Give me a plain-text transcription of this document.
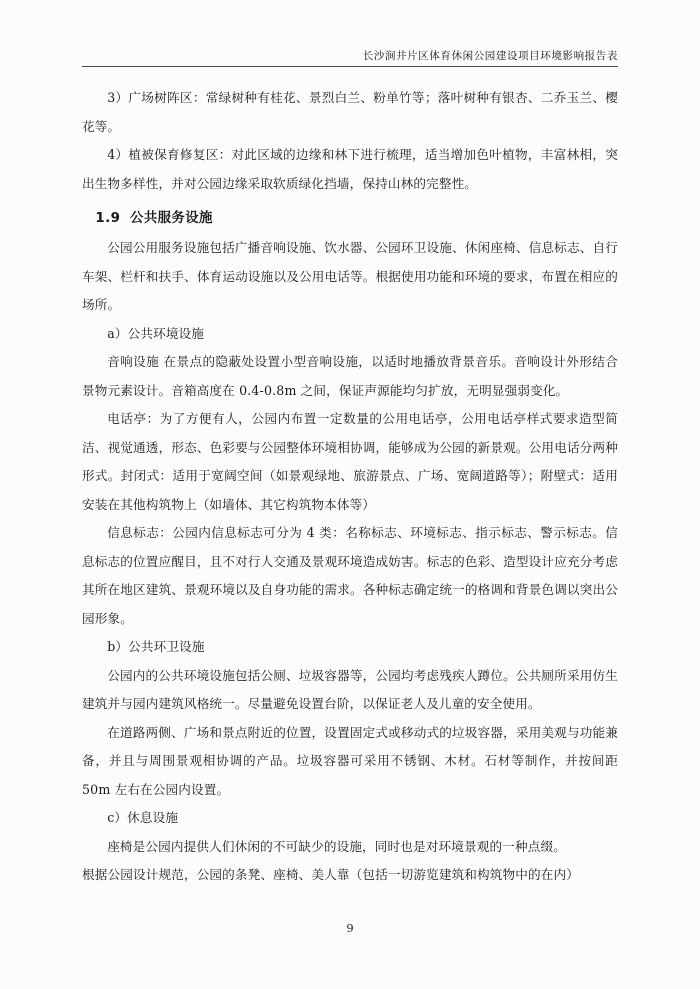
长沙涧井片区体育休闲公园建设项目环境影响报告表

3）广场树阵区：常绿树种有桂花、景烈白兰、粉单竹等；落叶树种有银杏、二乔玉兰、樱花等。

4）植被保育修复区：对此区域的边缘和林下进行梳理，适当增加色叶植物，丰富林相，突出生物多样性，并对公园边缘采取软质绿化挡墙，保持山林的完整性。

1.9 公共服务设施

公园公用服务设施包括广播音响设施、饮水器、公园环卫设施、休闲座椅、信息标志、自行车架、栏杆和扶手、体育运动设施以及公用电话等。根据使用功能和环境的要求，布置在相应的场所。

a）公共环境设施

音响设施 在景点的隐蔽处设置小型音响设施，以适时地播放背景音乐。音响设计外形结合景物元素设计。音箱高度在 0.4-0.8m 之间，保证声源能均匀扩放，无明显强弱变化。

电话亭：为了方便有人，公园内布置一定数量的公用电话亭，公用电话亭样式要求造型简洁、视觉通透，形态、色彩要与公园整体环境相协调，能够成为公园的新景观。公用电话分两种形式。封闭式：适用于宽阔空间（如景观绿地、旅游景点、广场、宽阔道路等）；附壁式：适用安装在其他构筑物上（如墙体、其它构筑物本体等）

信息标志：公园内信息标志可分为 4 类：名称标志、环境标志、指示标志、警示标志。信息标志的位置应醒目，且不对行人交通及景观环境造成妨害。标志的色彩、造型设计应充分考虑其所在地区建筑、景观环境以及自身功能的需求。各种标志确定统一的格调和背景色调以突出公园形象。

b）公共环卫设施

公园内的公共环境设施包括公厕、垃圾容器等，公园均考虑残疾人蹲位。公共厕所采用仿生建筑并与园内建筑风格统一。尽量避免设置台阶，以保证老人及儿童的安全使用。

在道路两侧、广场和景点附近的位置，设置固定式或移动式的垃圾容器，采用美观与功能兼备，并且与周围景观相协调的产品。垃圾容器可采用不锈钢、木材。石材等制作，并按间距 50m 左右在公园内设置。

c）休息设施

座椅是公园内提供人们休闲的不可缺少的设施，同时也是对环境景观的一种点缀。

根据公园设计规范，公园的条凳、座椅、美人靠（包括一切游览建筑和构筑物中的在内）

9
